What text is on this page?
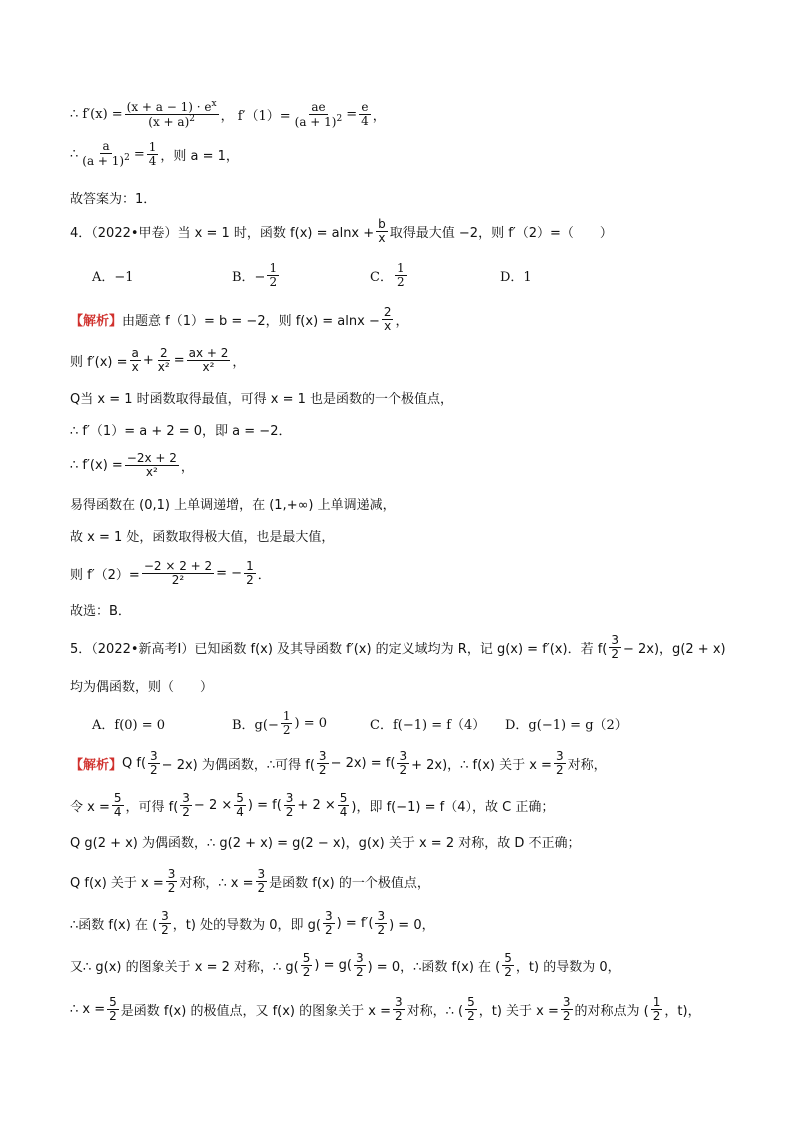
∴ $f'(x) = \frac{(x + a - 1) \cdot e^x}{(x + a)^2}$ ， $f'(1)= \frac{ae}{(a + 1)^2} = \frac{e}{4}$ ，
∴ $\frac{a}{(a + 1)^2} = \frac{1}{4}$ ，则 a = 1，
故答案为：1．
4．（2022•甲卷）当 x = 1 时，函数 $f(x) = alnx + \frac{b}{x}$ 取得最大值 −2，则 f′（2）=（　　）
A．−1	B．− $\frac{1}{2}$	C． $\frac{1}{2}$	D．1
【解析】 由题意 f（1）= b = −2，则 $f(x) = alnx - \frac{2}{x}$ ，
则 $f'(x) = \frac{a}{x} + \frac{2}{\text{x²}} = \frac{ax + 2}{\text{x²}}$ ，
Q当 x = 1 时函数取得最值，可得 x = 1 也是函数的一个极值点，
∴ f′（1）= a + 2 = 0，即 a = −2．
∴ $f'(x) = \frac{-2x + 2}{\text{x²}}$ ，
易得函数在 (0,1) 上单调递增，在 (1,+∞) 上单调递减，
故 x = 1 处，函数取得极大值，也是最大值，
则 $f'(2)= \frac{-2 \times 2 + 2}{\text{2²}}$ = − $\frac{1}{2}$ ．
故选：B．
5．（2022•新高考Ⅰ）已知函数 f(x) 及其导函数 f′(x) 的定义域均为 R，记 g(x) = f′(x)．若 $f( \frac{3}{2} - 2x)$，g(2 + x)
均为偶函数，则（　　）
A．f(0) = 0	B．$g(- \frac{1}{2}$ ) = 0	C．f(−1) = f（4）	D．g(−1) = g（2）
【解析】 Q $f( \frac{3}{2} - 2x)$ 为偶函数，∴可得 $f( \frac{3}{2} - 2x) = f( \frac{3}{2} + 2x)$，∴ f(x) 关于 $x = \frac{3}{2}$ 对称，
令 $x = \frac{5}{4}$ ，可得 $f( \frac{3}{2} - 2 \times \frac{5}{4}$ ) = $f( \frac{3}{2} + 2 \times \frac{5}{4}$ )，即 f(−1) = f（4），故 C 正确；
Q g(2 + x) 为偶函数，∴ g(2 + x) = g(2 − x)，g(x) 关于 x = 2 对称，故 D 不正确；
Q f(x) 关于 $x = \frac{3}{2}$ 对称，∴ $x = \frac{3}{2}$ 是函数 f(x) 的一个极值点，
∴函数 f(x) 在 ( $\frac{3}{2}$ ，t) 处的导数为 0，即 $g( \frac{3}{2}$ ) = $f'( \frac{3}{2}$ ) = 0，
又∴ g(x) 的图象关于 x = 2 对称，∴ $g( \frac{5}{2}$ ) = $g( \frac{3}{2}$ ) = 0，∴函数 f(x) 在 ( $\frac{5}{2}$ ，t) 的导数为 0，
∴ $x = \frac{5}{2}$ 是函数 f(x) 的极值点，又 f(x) 的图象关于 $x = \frac{3}{2}$ 对称，∴ ( $\frac{5}{2}$ ，t) 关于 $x = \frac{3}{2}$ 的对称点为 ( $\frac{1}{2}$ ，t)，
